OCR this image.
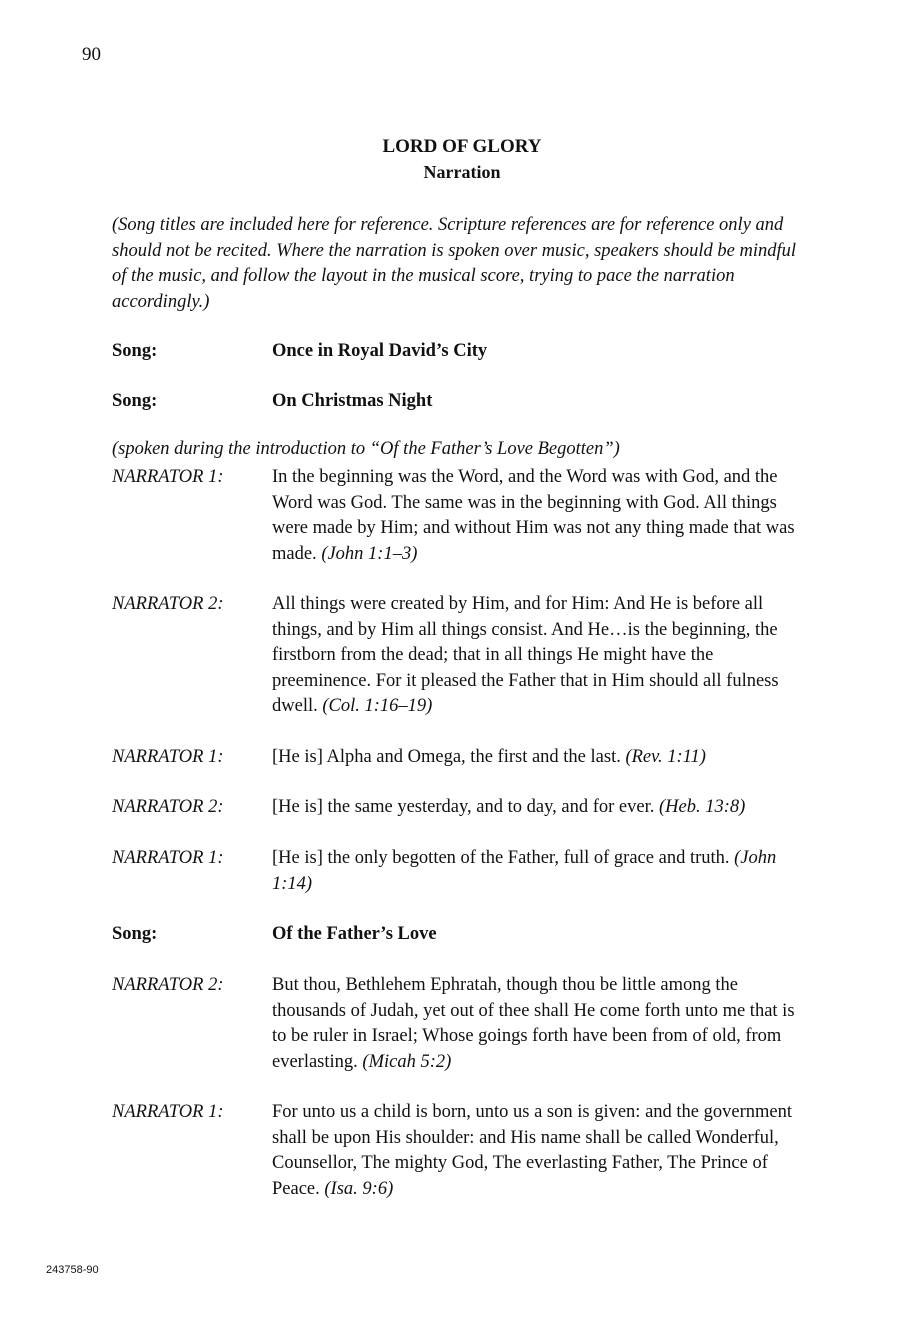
90
LORD OF GLORY
Narration
(Song titles are included here for reference. Scripture references are for reference only and should not be recited. Where the narration is spoken over music, speakers should be mindful of the music, and follow the layout in the musical score, trying to pace the narration accordingly.)
Song:	Once in Royal David’s City
Song:	On Christmas Night
(spoken during the introduction to “Of the Father’s Love Begotten”)
NARRATOR 1:	In the beginning was the Word, and the Word was with God, and the Word was God. The same was in the beginning with God. All things were made by Him; and without Him was not any thing made that was made. (John 1:1–3)
NARRATOR 2:	All things were created by Him, and for Him: And He is before all things, and by Him all things consist. And He…is the beginning, the firstborn from the dead; that in all things He might have the preeminence. For it pleased the Father that in Him should all fulness dwell. (Col. 1:16–19)
NARRATOR 1:	[He is] Alpha and Omega, the first and the last. (Rev. 1:11)
NARRATOR 2:	[He is] the same yesterday, and to day, and for ever. (Heb. 13:8)
NARRATOR 1:	[He is] the only begotten of the Father, full of grace and truth. (John 1:14)
Song:	Of the Father’s Love
NARRATOR 2:	But thou, Bethlehem Ephratah, though thou be little among the thousands of Judah, yet out of thee shall He come forth unto me that is to be ruler in Israel; Whose goings forth have been from of old, from everlasting. (Micah 5:2)
NARRATOR 1:	For unto us a child is born, unto us a son is given: and the government shall be upon His shoulder: and His name shall be called Wonderful, Counsellor, The mighty God, The everlasting Father, The Prince of Peace. (Isa. 9:6)
243758-90
